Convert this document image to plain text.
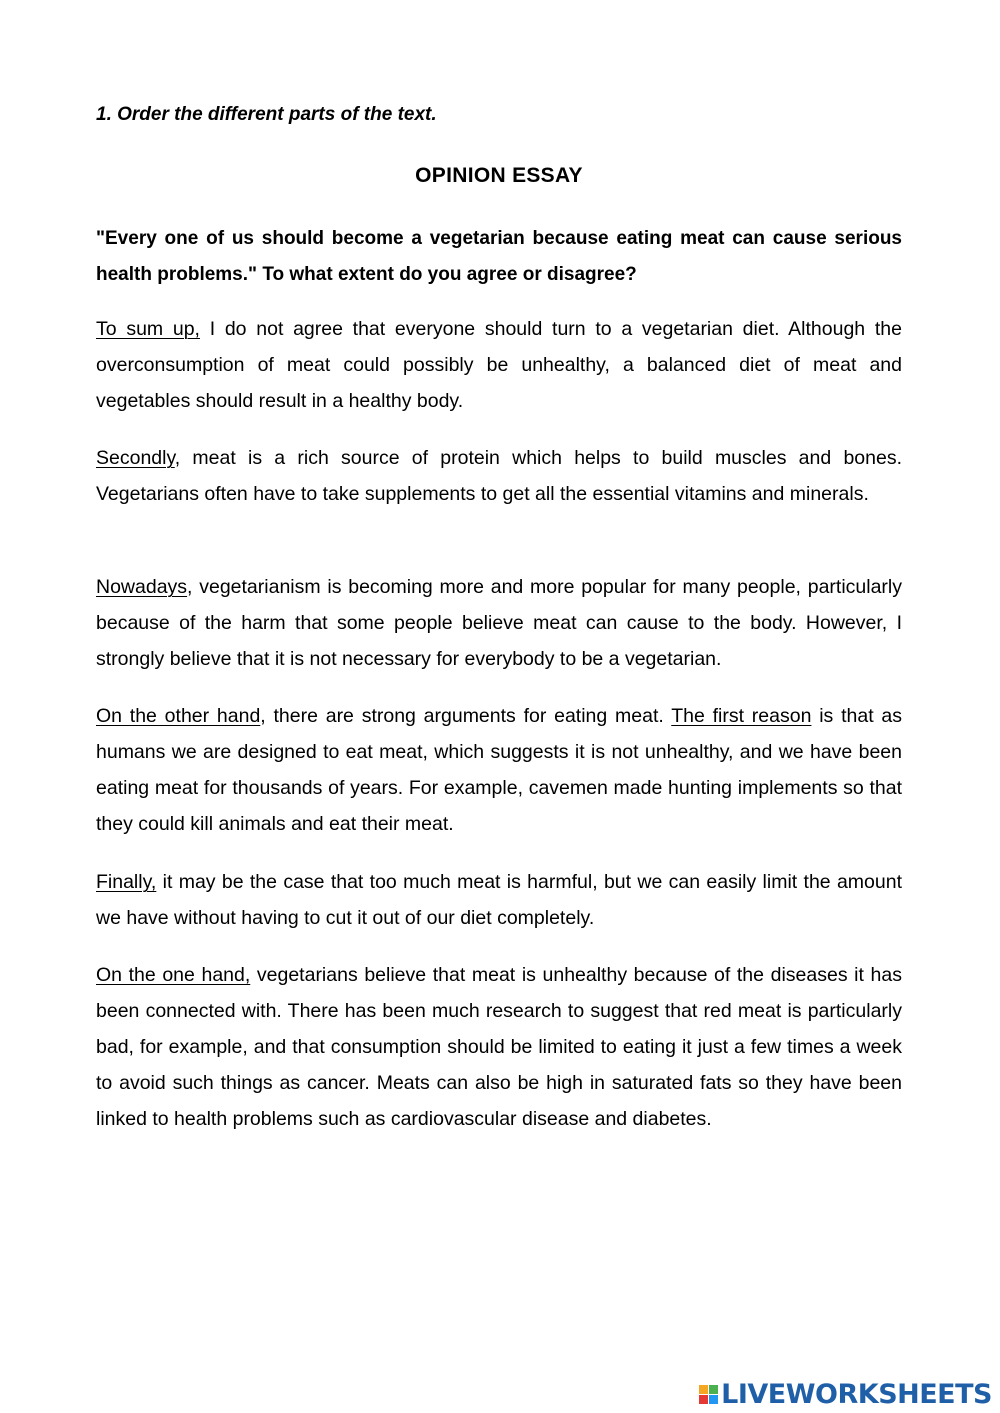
1. Order the different parts of the text.

OPINION ESSAY

"Every one of us should become a vegetarian because eating meat can cause serious health problems." To what extent do you agree or disagree?

To sum up, I do not agree that everyone should turn to a vegetarian diet. Although the overconsumption of meat could possibly be unhealthy, a balanced diet of meat and vegetables should result in a healthy body.

Secondly, meat is a rich source of protein which helps to build muscles and bones. Vegetarians often have to take supplements to get all the essential vitamins and minerals.

Nowadays, vegetarianism is becoming more and more popular for many people, particularly because of the harm that some people believe meat can cause to the body. However, I strongly believe that it is not necessary for everybody to be a vegetarian.

On the other hand, there are strong arguments for eating meat. The first reason is that as humans we are designed to eat meat, which suggests it is not unhealthy, and we have been eating meat for thousands of years. For example, cavemen made hunting implements so that they could kill animals and eat their meat.

Finally, it may be the case that too much meat is harmful, but we can easily limit the amount we have without having to cut it out of our diet completely.

On the one hand, vegetarians believe that meat is unhealthy because of the diseases it has been connected with. There has been much research to suggest that red meat is particularly bad, for example, and that consumption should be limited to eating it just a few times a week to avoid such things as cancer. Meats can also be high in saturated fats so they have been linked to health problems such as cardiovascular disease and diabetes.

LIVEWORKSHEETS
